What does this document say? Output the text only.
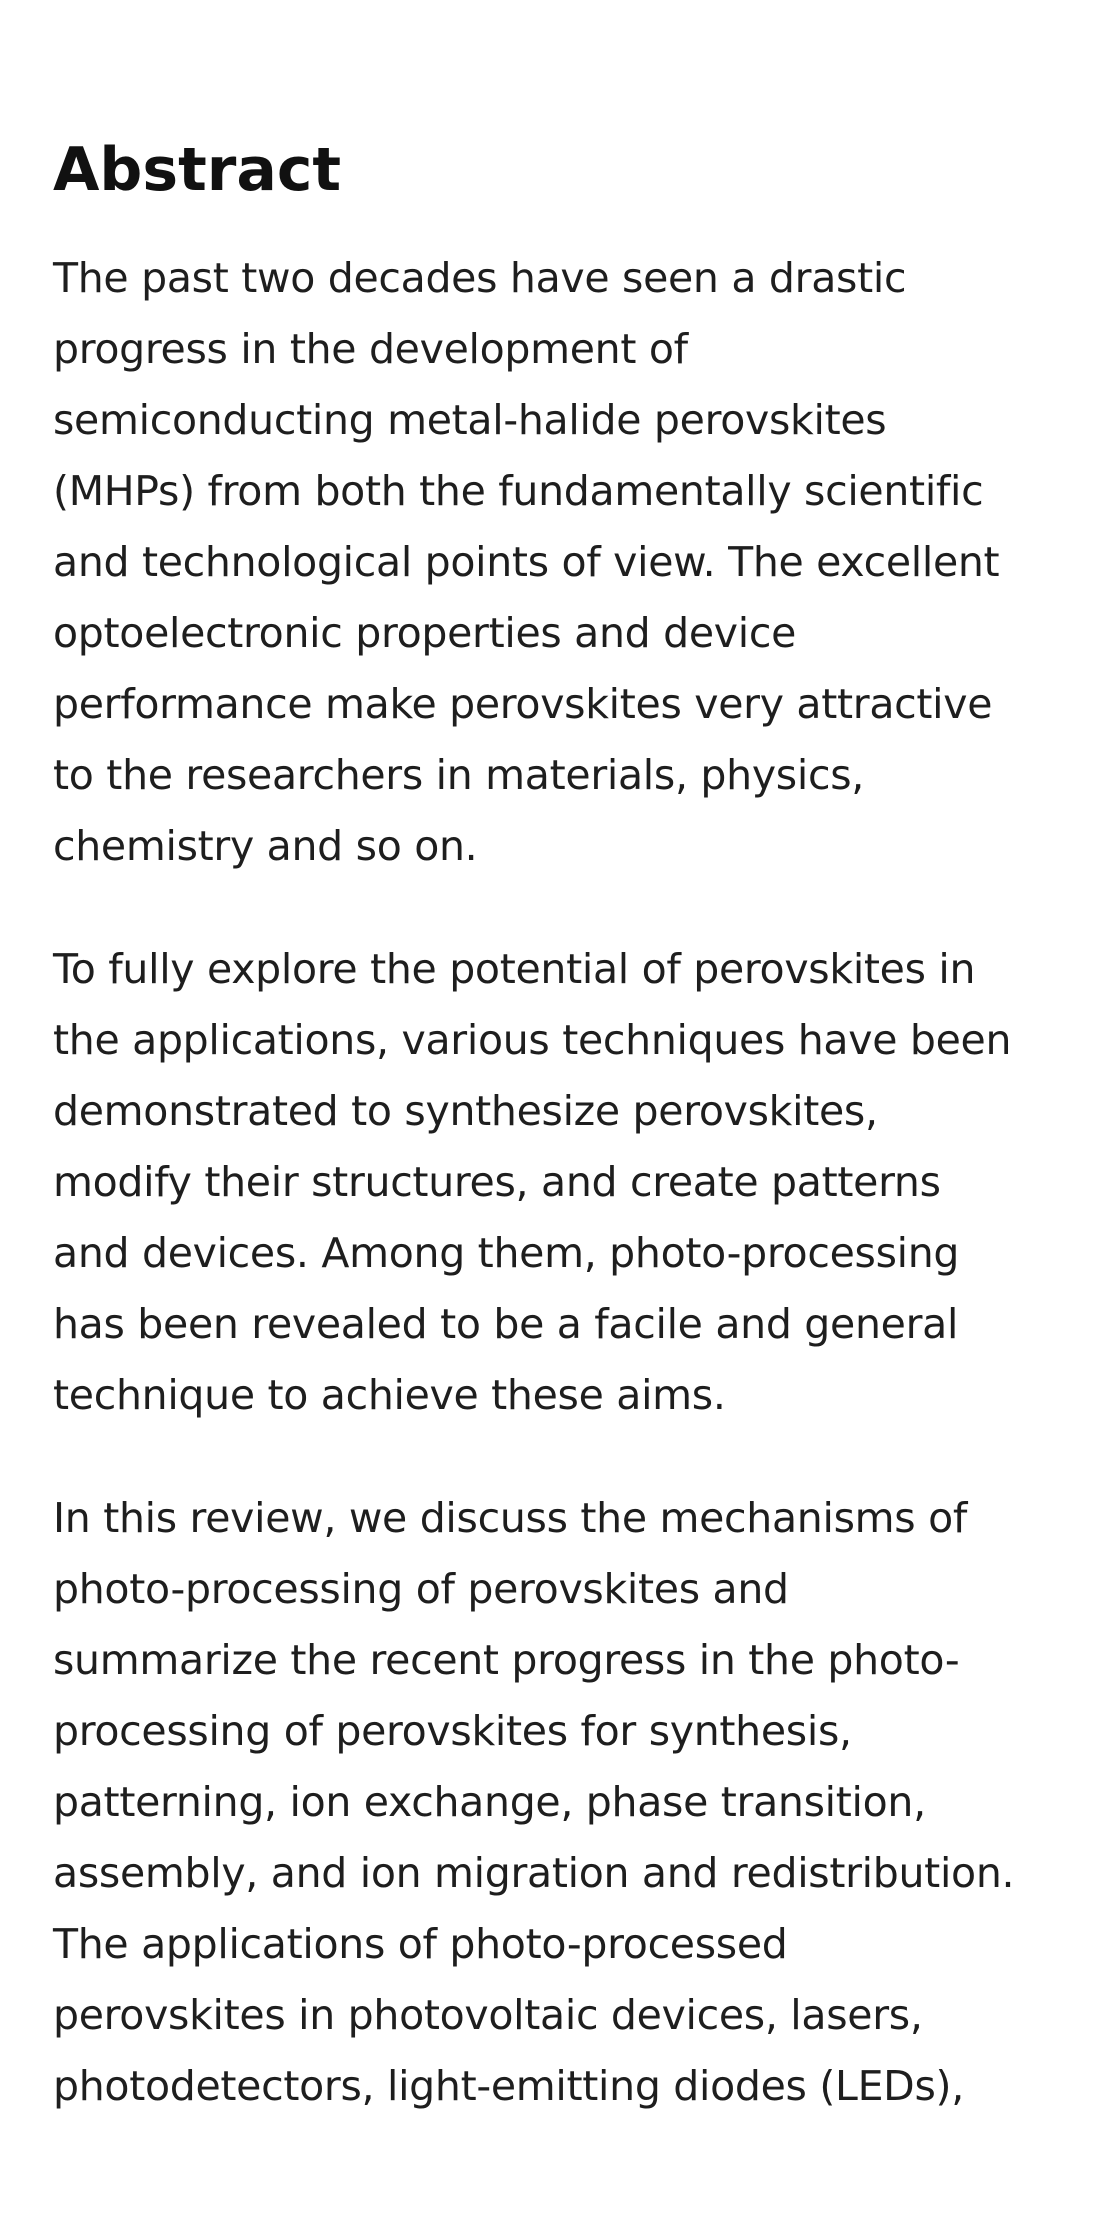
Abstract

The past two decades have seen a drastic
progress in the development of
semiconducting metal-halide perovskites
(MHPs) from both the fundamentally scientific
and technological points of view. The excellent
optoelectronic properties and device
performance make perovskites very attractive
to the researchers in materials, physics,
chemistry and so on.

To fully explore the potential of perovskites in
the applications, various techniques have been
demonstrated to synthesize perovskites,
modify their structures, and create patterns
and devices. Among them, photo-processing
has been revealed to be a facile and general
technique to achieve these aims.

In this review, we discuss the mechanisms of
photo-processing of perovskites and
summarize the recent progress in the photo-
processing of perovskites for synthesis,
patterning, ion exchange, phase transition,
assembly, and ion migration and redistribution.
The applications of photo-processed
perovskites in photovoltaic devices, lasers,
photodetectors, light-emitting diodes (LEDs),
